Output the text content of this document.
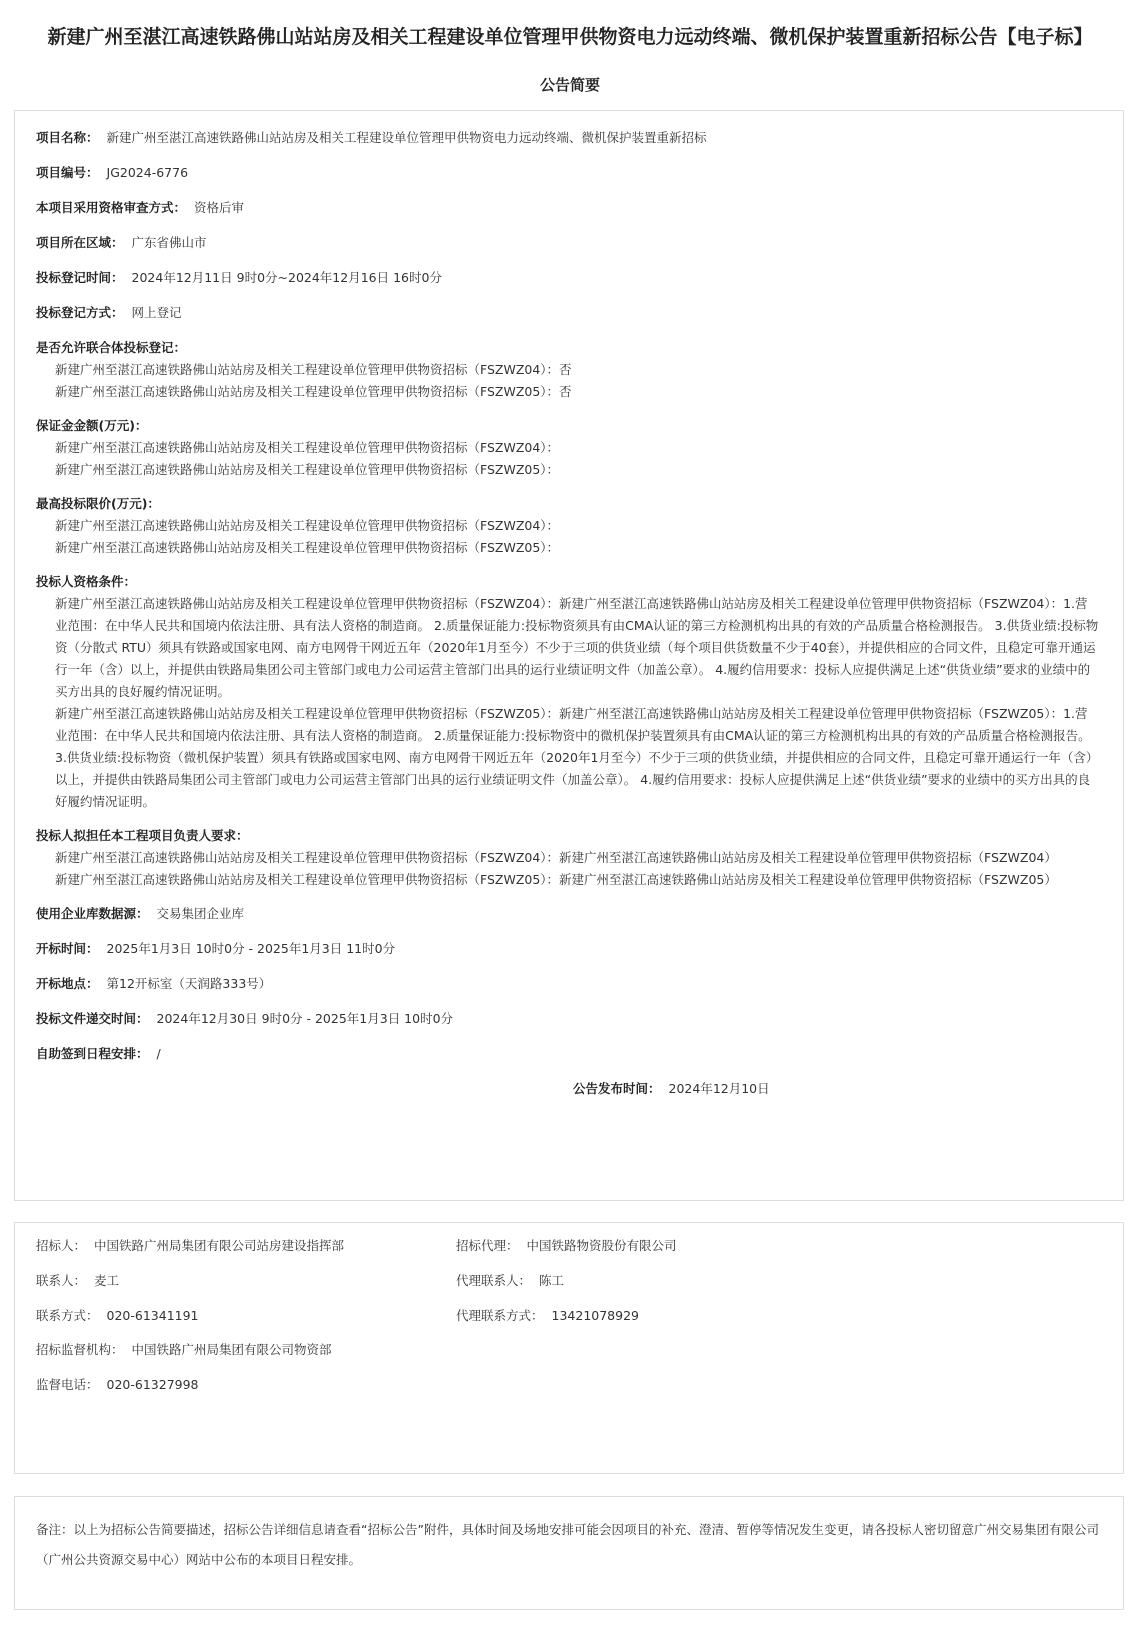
新建广州至湛江高速铁路佛山站站房及相关工程建设单位管理甲供物资电力远动终端、微机保护装置重新招标公告【电子标】
公告简要
项目名称： 新建广州至湛江高速铁路佛山站站房及相关工程建设单位管理甲供物资电力远动终端、微机保护装置重新招标
项目编号： JG2024-6776
本项目采用资格审查方式： 资格后审
项目所在区域： 广东省佛山市
投标登记时间： 2024年12月11日 9时0分~2024年12月16日 16时0分
投标登记方式： 网上登记
是否允许联合体投标登记：
新建广州至湛江高速铁路佛山站站房及相关工程建设单位管理甲供物资招标（FSZWZ04）：否
新建广州至湛江高速铁路佛山站站房及相关工程建设单位管理甲供物资招标（FSZWZ05）：否
保证金金额(万元)：
新建广州至湛江高速铁路佛山站站房及相关工程建设单位管理甲供物资招标（FSZWZ04）：
新建广州至湛江高速铁路佛山站站房及相关工程建设单位管理甲供物资招标（FSZWZ05）：
最高投标限价(万元)：
新建广州至湛江高速铁路佛山站站房及相关工程建设单位管理甲供物资招标（FSZWZ04）：
新建广州至湛江高速铁路佛山站站房及相关工程建设单位管理甲供物资招标（FSZWZ05）：
投标人资格条件：
新建广州至湛江高速铁路佛山站站房及相关工程建设单位管理甲供物资招标（FSZWZ04）：新建广州至湛江高速铁路佛山站站房及相关工程建设单位管理甲供物资招标（FSZWZ04）：1.营业范围：在中华人民共和国境内依法注册、具有法人资格的制造商。 2.质量保证能力:投标物资须具有由CMA认证的第三方检测机构出具的有效的产品质量合格检测报告。 3.供货业绩:投标物资（分散式 RTU）须具有铁路或国家电网、南方电网骨干网近五年（2020年1月至今）不少于三项的供货业绩（每个项目供货数量不少于40套），并提供相应的合同文件，且稳定可靠开通运行一年（含）以上，并提供由铁路局集团公司主管部门或电力公司运营主管部门出具的运行业绩证明文件（加盖公章）。 4.履约信用要求：投标人应提供满足上述“供货业绩”要求的业绩中的买方出具的良好履约情况证明。
新建广州至湛江高速铁路佛山站站房及相关工程建设单位管理甲供物资招标（FSZWZ05）：新建广州至湛江高速铁路佛山站站房及相关工程建设单位管理甲供物资招标（FSZWZ05）：1.营业范围：在中华人民共和国境内依法注册、具有法人资格的制造商。 2.质量保证能力:投标物资中的微机保护装置须具有由CMA认证的第三方检测机构出具的有效的产品质量合格检测报告。 3.供货业绩:投标物资（微机保护装置）须具有铁路或国家电网、南方电网骨干网近五年（2020年1月至今）不少于三项的供货业绩，并提供相应的合同文件，且稳定可靠开通运行一年（含）以上，并提供由铁路局集团公司主管部门或电力公司运营主管部门出具的运行业绩证明文件（加盖公章）。 4.履约信用要求：投标人应提供满足上述“供货业绩”要求的业绩中的买方出具的良好履约情况证明。
投标人拟担任本工程项目负责人要求：
新建广州至湛江高速铁路佛山站站房及相关工程建设单位管理甲供物资招标（FSZWZ04）：新建广州至湛江高速铁路佛山站站房及相关工程建设单位管理甲供物资招标（FSZWZ04）
新建广州至湛江高速铁路佛山站站房及相关工程建设单位管理甲供物资招标（FSZWZ05）：新建广州至湛江高速铁路佛山站站房及相关工程建设单位管理甲供物资招标（FSZWZ05）
使用企业库数据源： 交易集团企业库
开标时间： 2025年1月3日 10时0分 - 2025年1月3日 11时0分
开标地点： 第12开标室（天润路333号）
投标文件递交时间： 2024年12月30日 9时0分 - 2025年1月3日 10时0分
自助签到日程安排： /
公告发布时间： 2024年12月10日
招标人： 中国铁路广州局集团有限公司站房建设指挥部	招标代理： 中国铁路物资股份有限公司
联系人： 麦工	代理联系人： 陈工
联系方式： 020-61341191	代理联系方式： 13421078929
招标监督机构： 中国铁路广州局集团有限公司物资部
监督电话： 020-61327998
备注：以上为招标公告简要描述，招标公告详细信息请查看“招标公告”附件，具体时间及场地安排可能会因项目的补充、澄清、暂停等情况发生变更，请各投标人密切留意广州交易集团有限公司（广州公共资源交易中心）网站中公布的本项目日程安排。
